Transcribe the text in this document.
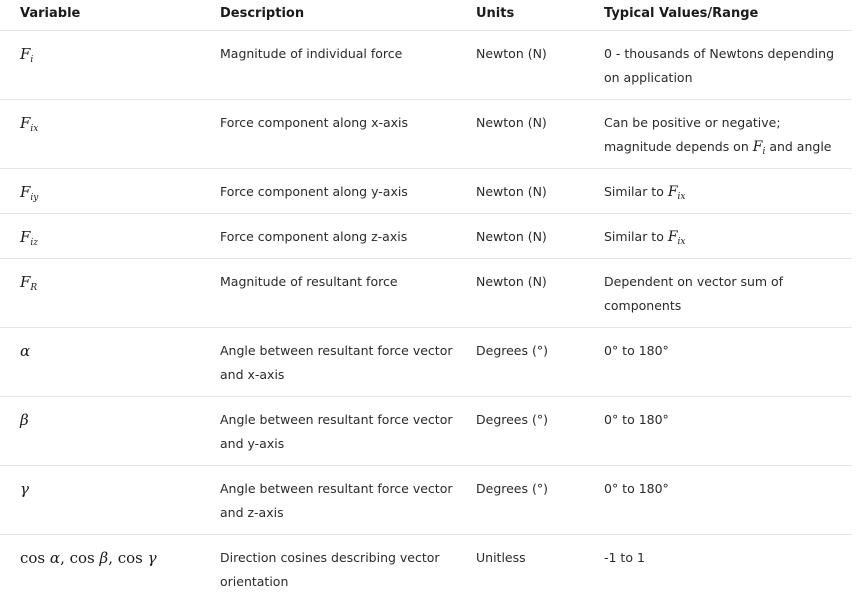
Variable	Description	Units	Typical Values/Range
$F_i$	Magnitude of individual force	Newton (N)	0 - thousands of Newtons depending on application
$F_{ix}$	Force component along x-axis	Newton (N)	Can be positive or negative; magnitude depends on $F_i$ and angle
$F_{iy}$	Force component along y-axis	Newton (N)	Similar to $F_{ix}$
$F_{iz}$	Force component along z-axis	Newton (N)	Similar to $F_{ix}$
$F_R$	Magnitude of resultant force	Newton (N)	Dependent on vector sum of components
α	Angle between resultant force vector and x-axis	Degrees (°)	0° to 180°
β	Angle between resultant force vector and y-axis	Degrees (°)	0° to 180°
γ	Angle between resultant force vector and z-axis	Degrees (°)	0° to 180°
cos α, cos β, cos γ	Direction cosines describing vector orientation	Unitless	-1 to 1
